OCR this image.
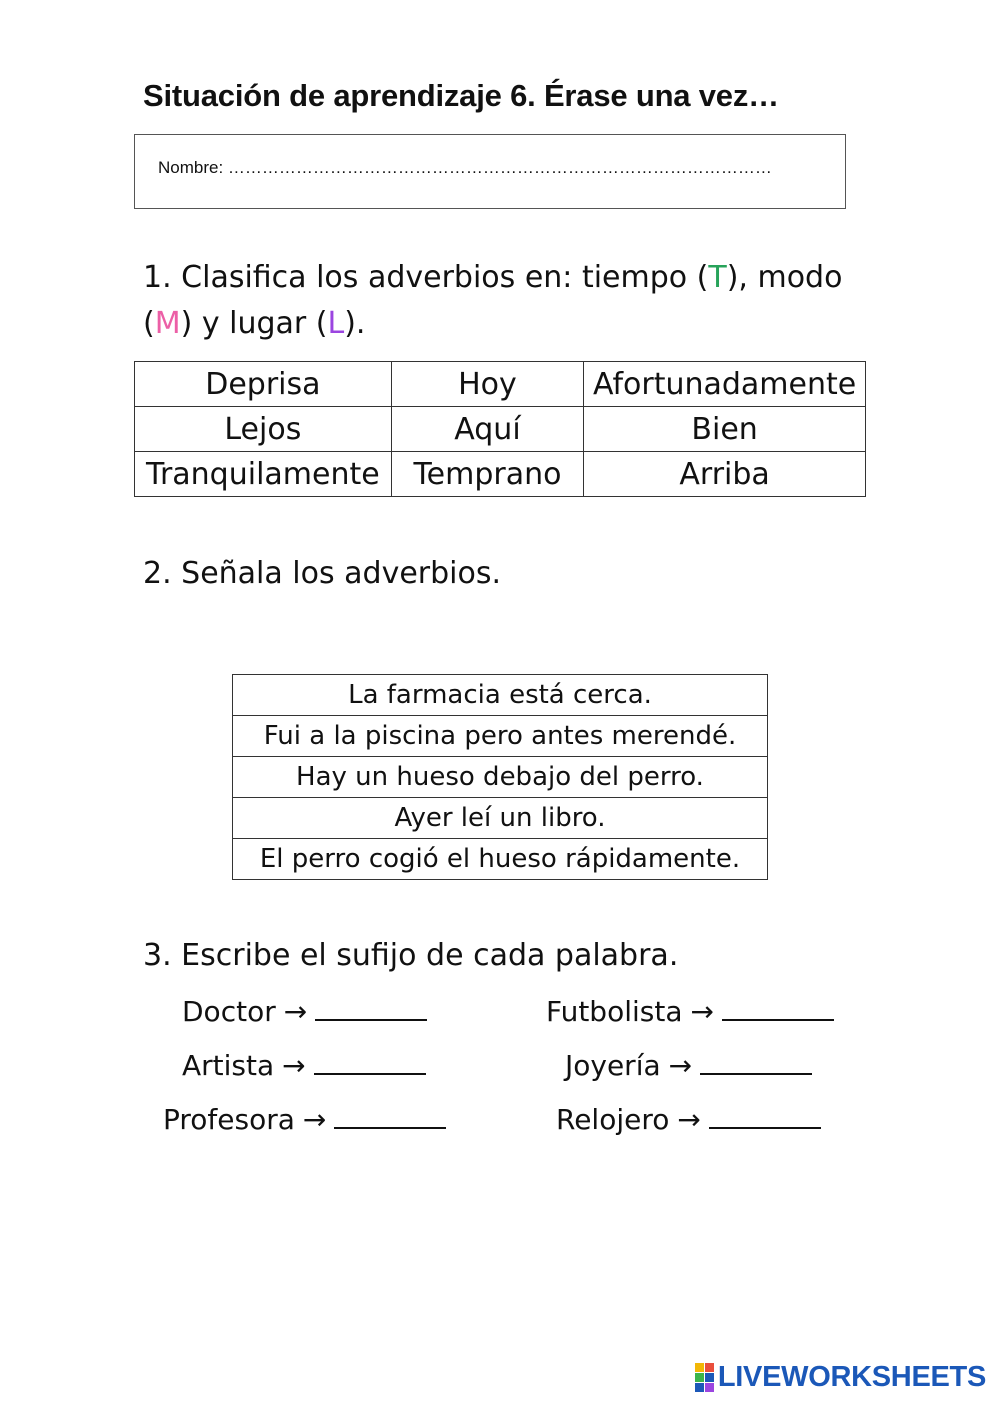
Situación de aprendizaje 6. Érase una vez…
Nombre: ……………………………………………………………………………………
1. Clasifica los adverbios en: tiempo (T), modo (M) y lugar (L).
Deprisa	Hoy	Afortunadamente
Lejos	Aquí	Bien
Tranquilamente	Temprano	Arriba
2. Señala los adverbios.
La farmacia está cerca.
Fui a la piscina pero antes merendé.
Hay un hueso debajo del perro.
Ayer leí un libro.
El perro cogió el hueso rápidamente.
3. Escribe el sufijo de cada palabra.
Doctor →	Futbolista →
Artista →	Joyería →
Profesora →	Relojero →
LIVEWORKSHEETS
